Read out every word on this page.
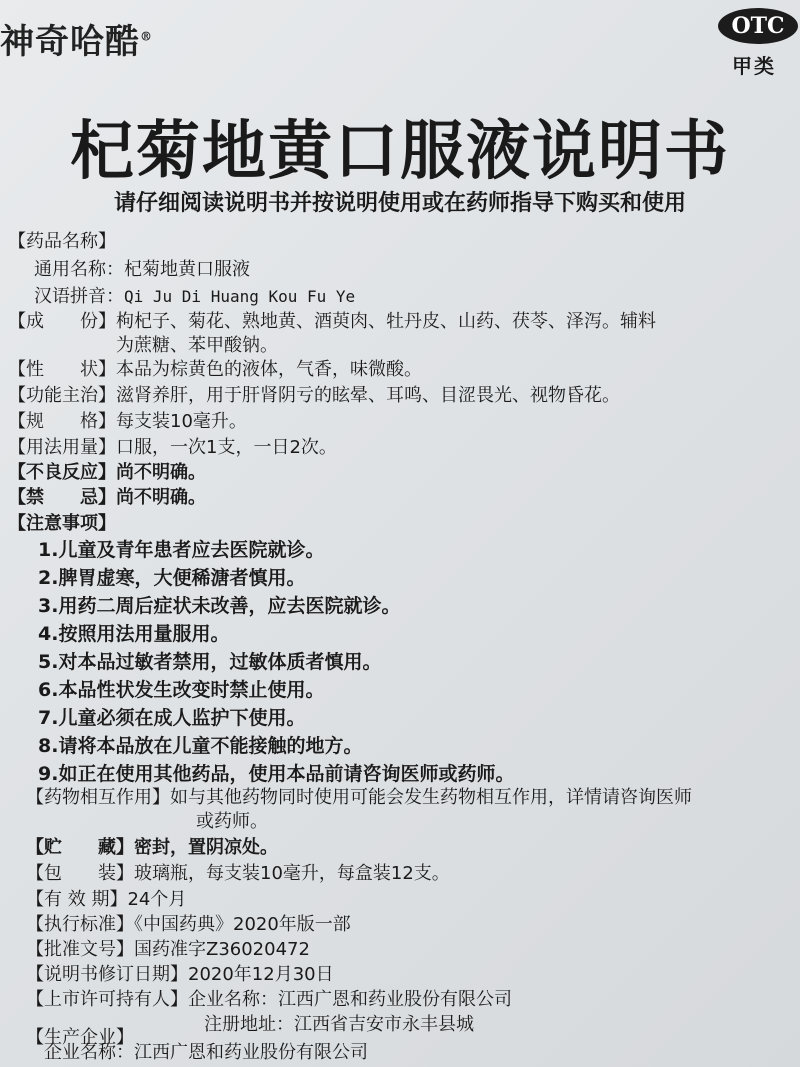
神奇哈酷®	OTC
甲类
杞菊地黄口服液说明书
请仔细阅读说明书并按说明使用或在药师指导下购买和使用
【药品名称】
通用名称：杞菊地黄口服液
汉语拼音：Qi Ju Di Huang Kou Fu Ye
【成　　份】枸杞子、菊花、熟地黄、酒萸肉、牡丹皮、山药、茯苓、泽泻。辅料
为蔗糖、苯甲酸钠。
【性　　状】本品为棕黄色的液体，气香，味微酸。
【功能主治】滋肾养肝，用于肝肾阴亏的眩晕、耳鸣、目涩畏光、视物昏花。
【规　　格】每支装10毫升。
【用法用量】口服，一次1支，一日2次。
【不良反应】尚不明确。
【禁　　忌】尚不明确。
【注意事项】
1.儿童及青年患者应去医院就诊。
2.脾胃虚寒，大便稀溏者慎用。
3.用药二周后症状未改善，应去医院就诊。
4.按照用法用量服用。
5.对本品过敏者禁用，过敏体质者慎用。
6.本品性状发生改变时禁止使用。
7.儿童必须在成人监护下使用。
8.请将本品放在儿童不能接触的地方。
9.如正在使用其他药品，使用本品前请咨询医师或药师。
【药物相互作用】如与其他药物同时使用可能会发生药物相互作用，详情请咨询医师
或药师。
【贮　　藏】密封，置阴凉处。
【包　　装】玻璃瓶，每支装10毫升，每盒装12支。
【有 效 期】24个月
【执行标准】《中国药典》2020年版一部
【批准文号】国药准字Z36020472
【说明书修订日期】2020年12月30日
【上市许可持有人】企业名称：江西广恩和药业股份有限公司
注册地址：江西省吉安市永丰县城
【生产企业】
企业名称：江西广恩和药业股份有限公司
